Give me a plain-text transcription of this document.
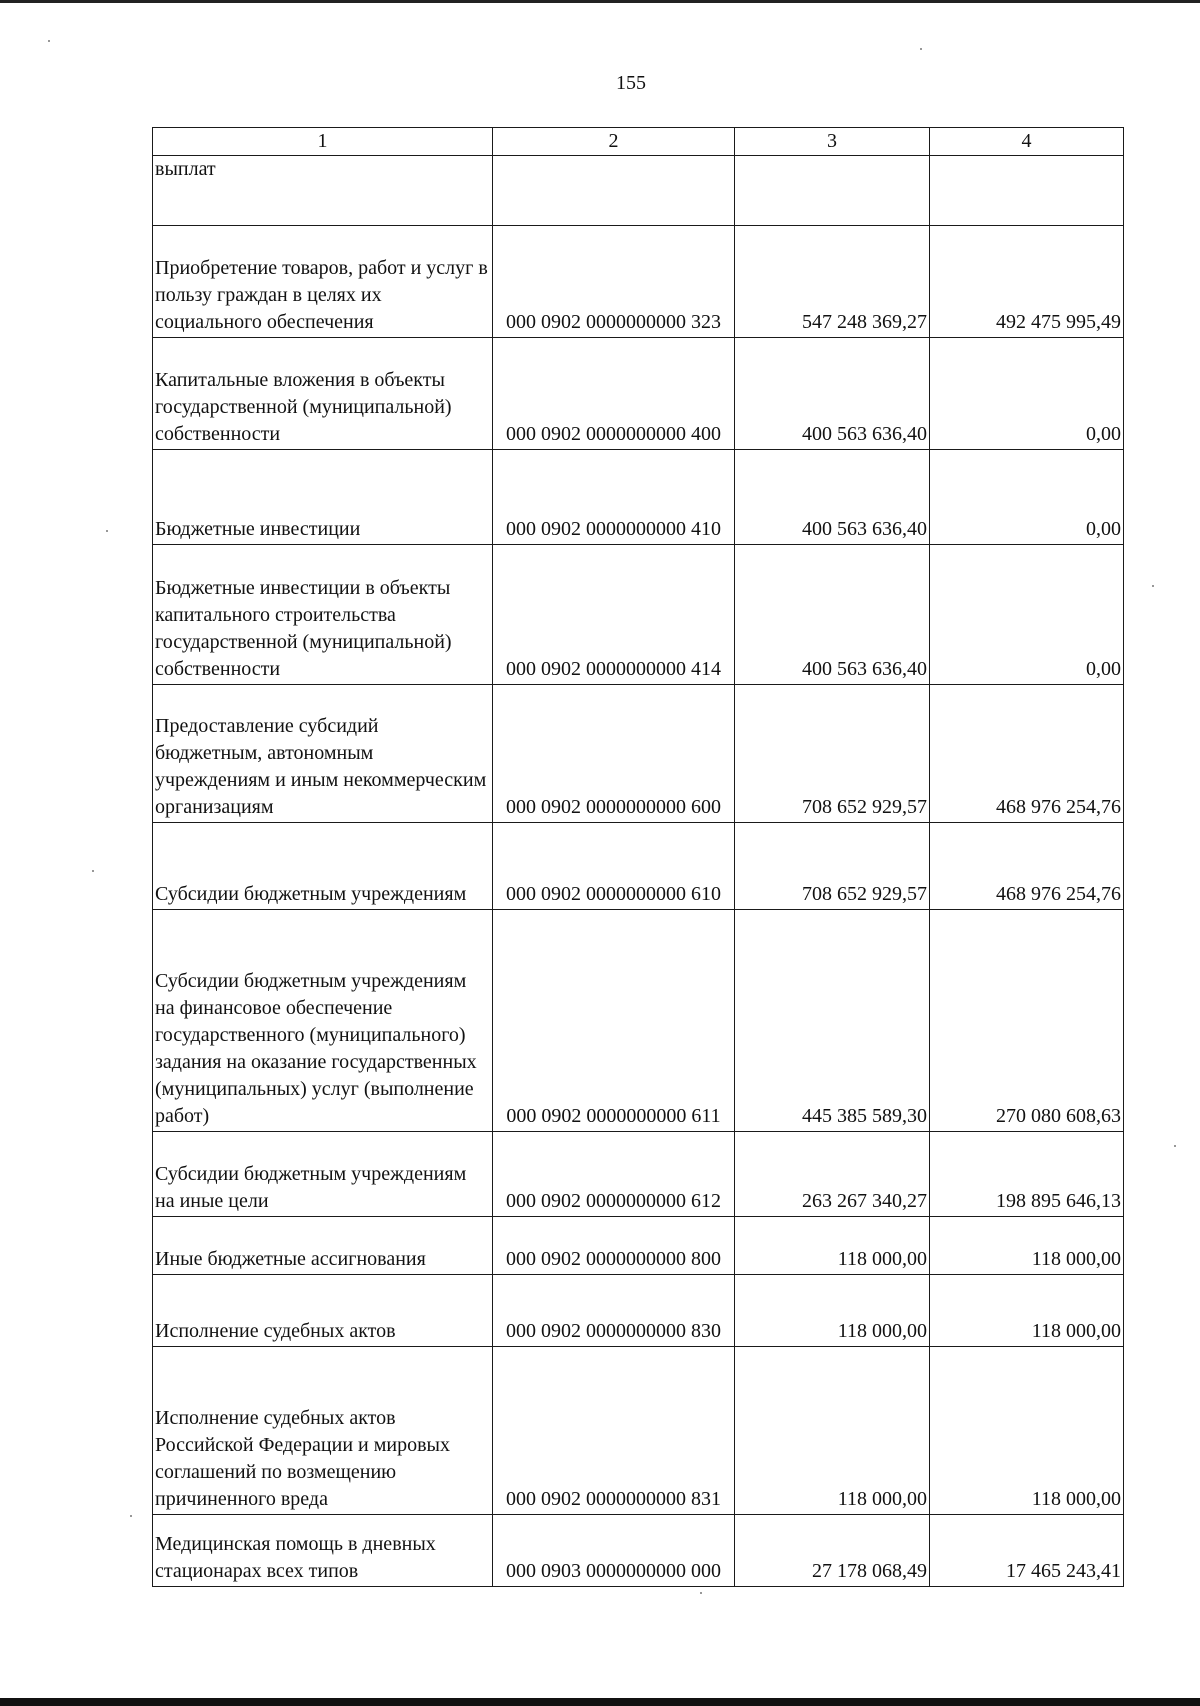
155
1	2	3	4
выплат			
Приобретение товаров, работ и услуг в пользу граждан в целях их социального обеспечения	000 0902 0000000000 323	547 248 369,27	492 475 995,49
Капитальные вложения в объекты государственной (муниципальной) собственности	000 0902 0000000000 400	400 563 636,40	0,00
Бюджетные инвестиции	000 0902 0000000000 410	400 563 636,40	0,00
Бюджетные инвестиции в объекты капитального строительства государственной (муниципальной) собственности	000 0902 0000000000 414	400 563 636,40	0,00
Предоставление субсидий бюджетным, автономным учреждениям и иным некоммерческим организациям	000 0902 0000000000 600	708 652 929,57	468 976 254,76
Субсидии бюджетным учреждениям	000 0902 0000000000 610	708 652 929,57	468 976 254,76
Субсидии бюджетным учреждениям на финансовое обеспечение государственного (муниципального) задания на оказание государственных (муниципальных) услуг (выполнение работ)	000 0902 0000000000 611	445 385 589,30	270 080 608,63
Субсидии бюджетным учреждениям на иные цели	000 0902 0000000000 612	263 267 340,27	198 895 646,13
Иные бюджетные ассигнования	000 0902 0000000000 800	118 000,00	118 000,00
Исполнение судебных актов	000 0902 0000000000 830	118 000,00	118 000,00
Исполнение судебных актов Российской Федерации и мировых соглашений по возмещению причиненного вреда	000 0902 0000000000 831	118 000,00	118 000,00
Медицинская помощь в дневных стационарах всех типов	000 0903 0000000000 000	27 178 068,49	17 465 243,41
